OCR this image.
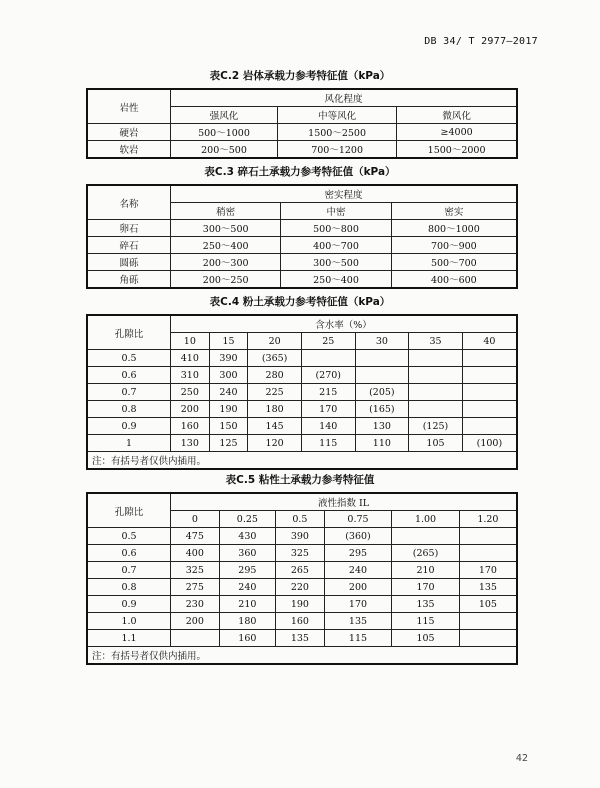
DB 34/ T 2977—2017
表C.2 岩体承载力参考特征值（kPa）
岩性	风化程度		
	强风化	中等风化	微风化
硬岩	500～1000	1500～2500	≥4000
软岩	200～500	700～1200	1500～2000
表C.3 碎石土承载力参考特征值（kPa）
名称	密实程度		
	稍密	中密	密实
卵石	300～500	500～800	800～1000
碎石	250～400	400～700	700～900
圆砾	200～300	300～500	500～700
角砾	200～250	250～400	400～600
表C.4 粉土承载力参考特征值（kPa）
孔隙比	含水率（%）						
	10	15	20	25	30	35	40
0.5	410	390	(365)				
0.6	310	300	280	(270)			
0.7	250	240	225	215	(205)		
0.8	200	190	180	170	(165)		
0.9	160	150	145	140	130	(125)	
1	130	125	120	115	110	105	(100)
注：有括号者仅供内插用。							
表C.5 粘性土承载力参考特征值
孔隙比	液性指数 IL					
	0	0.25	0.5	0.75	1.00	1.20
0.5	475	430	390	(360)		
0.6	400	360	325	295	(265)	
0.7	325	295	265	240	210	170
0.8	275	240	220	200	170	135
0.9	230	210	190	170	135	105
1.0	200	180	160	135	115	
1.1		160	135	115	105	
注：有括号者仅供内插用。						
42
